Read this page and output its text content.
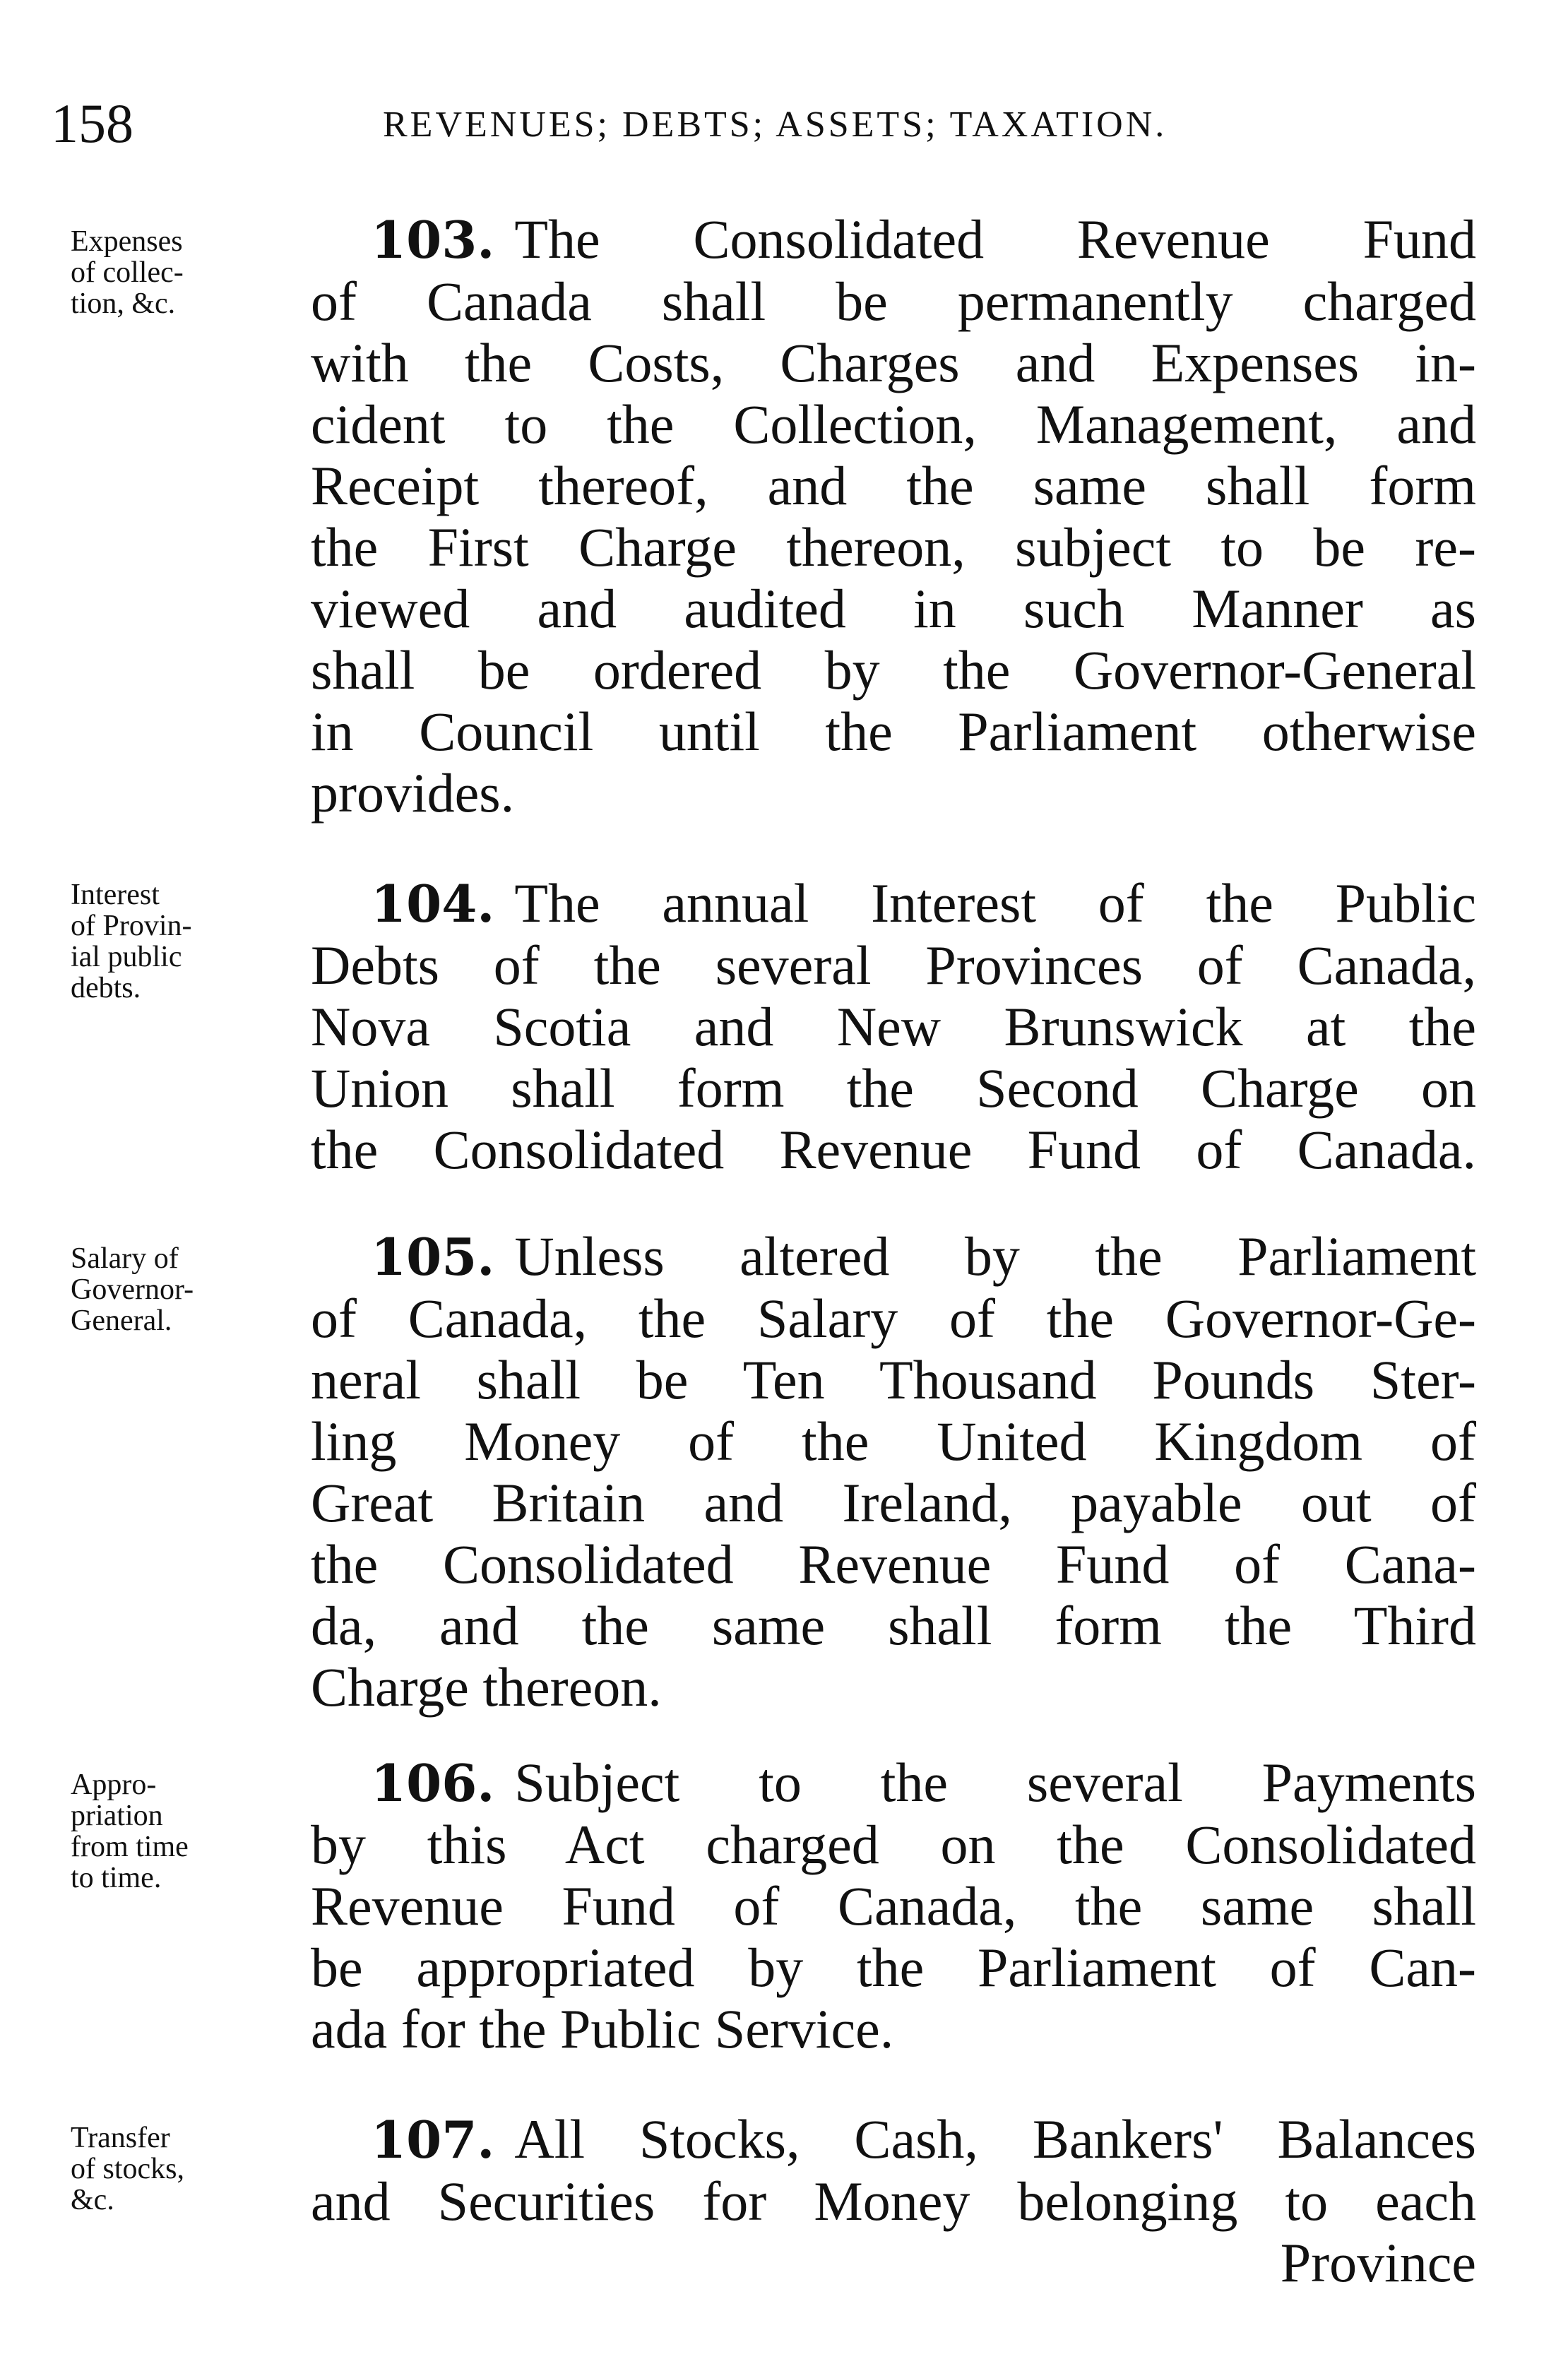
158	REVENUES; DEBTS; ASSETS; TAXATION.
Expenses
of collec-
tion, &c.
103. The Consolidated Revenue Fund
of Canada shall be permanently charged
with the Costs, Charges and Expenses in-
cident to the Collection, Management, and
Receipt thereof, and the same shall form
the First Charge thereon, subject to be re-
viewed and audited in such Manner as
shall be ordered by the Governor-General
in Council until the Parliament otherwise
provides.
Interest
of Provin-
ial public
debts.
104. The annual Interest of the Public
Debts of the several Provinces of Canada,
Nova Scotia and New Brunswick at the
Union shall form the Second Charge on
the Consolidated Revenue Fund of Canada.
Salary of
Governor-
General.
105. Unless altered by the Parliament
of Canada, the Salary of the Governor-Ge-
neral shall be Ten Thousand Pounds Ster-
ling Money of the United Kingdom of
Great Britain and Ireland, payable out of
the Consolidated Revenue Fund of Cana-
da, and the same shall form the Third
Charge thereon.
Appro-
priation
from time
to time.
106. Subject to the several Payments
by this Act charged on the Consolidated
Revenue Fund of Canada, the same shall
be appropriated by the Parliament of Can-
ada for the Public Service.
Transfer
of stocks,
&c.
107. All Stocks, Cash, Bankers' Balances
and Securities for Money belonging to each
Province
